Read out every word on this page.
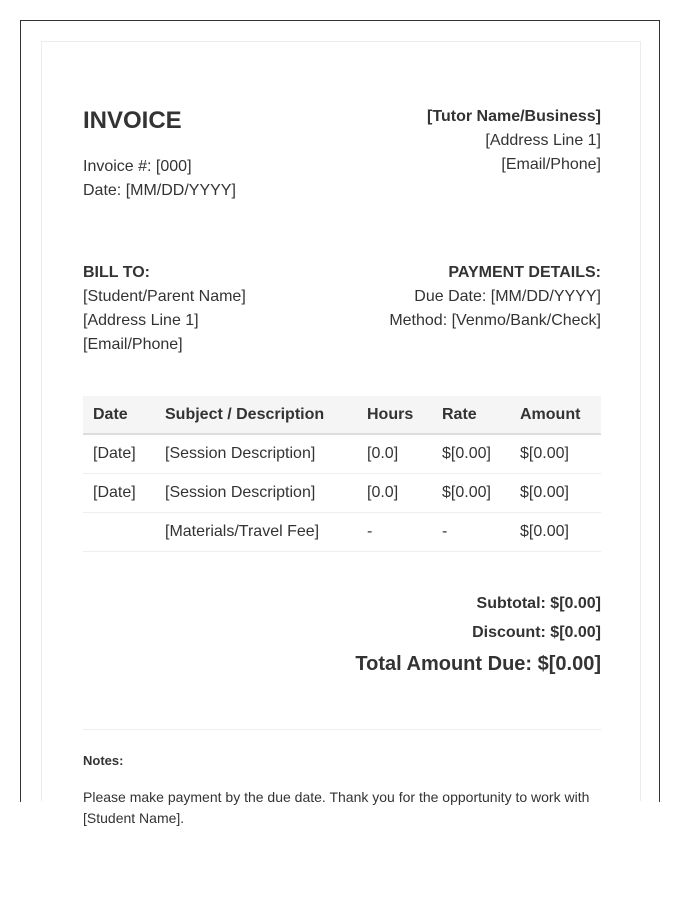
INVOICE
Invoice #: [000]
Date: [MM/DD/YYYY]
[Tutor Name/Business]
[Address Line 1]
[Email/Phone]
BILL TO:
[Student/Parent Name]
[Address Line 1]
[Email/Phone]
PAYMENT DETAILS:
Due Date: [MM/DD/YYYY]
Method: [Venmo/Bank/Check]
Date	Subject / Description	Hours	Rate	Amount
[Date]	[Session Description]	[0.0]	$[0.00]	$[0.00]
[Date]	[Session Description]	[0.0]	$[0.00]	$[0.00]
	[Materials/Travel Fee]	-	-	$[0.00]
Subtotal: $[0.00]
Discount: $[0.00]
Total Amount Due: $[0.00]
Notes:
Please make payment by the due date. Thank you for the opportunity to work with [Student Name].
